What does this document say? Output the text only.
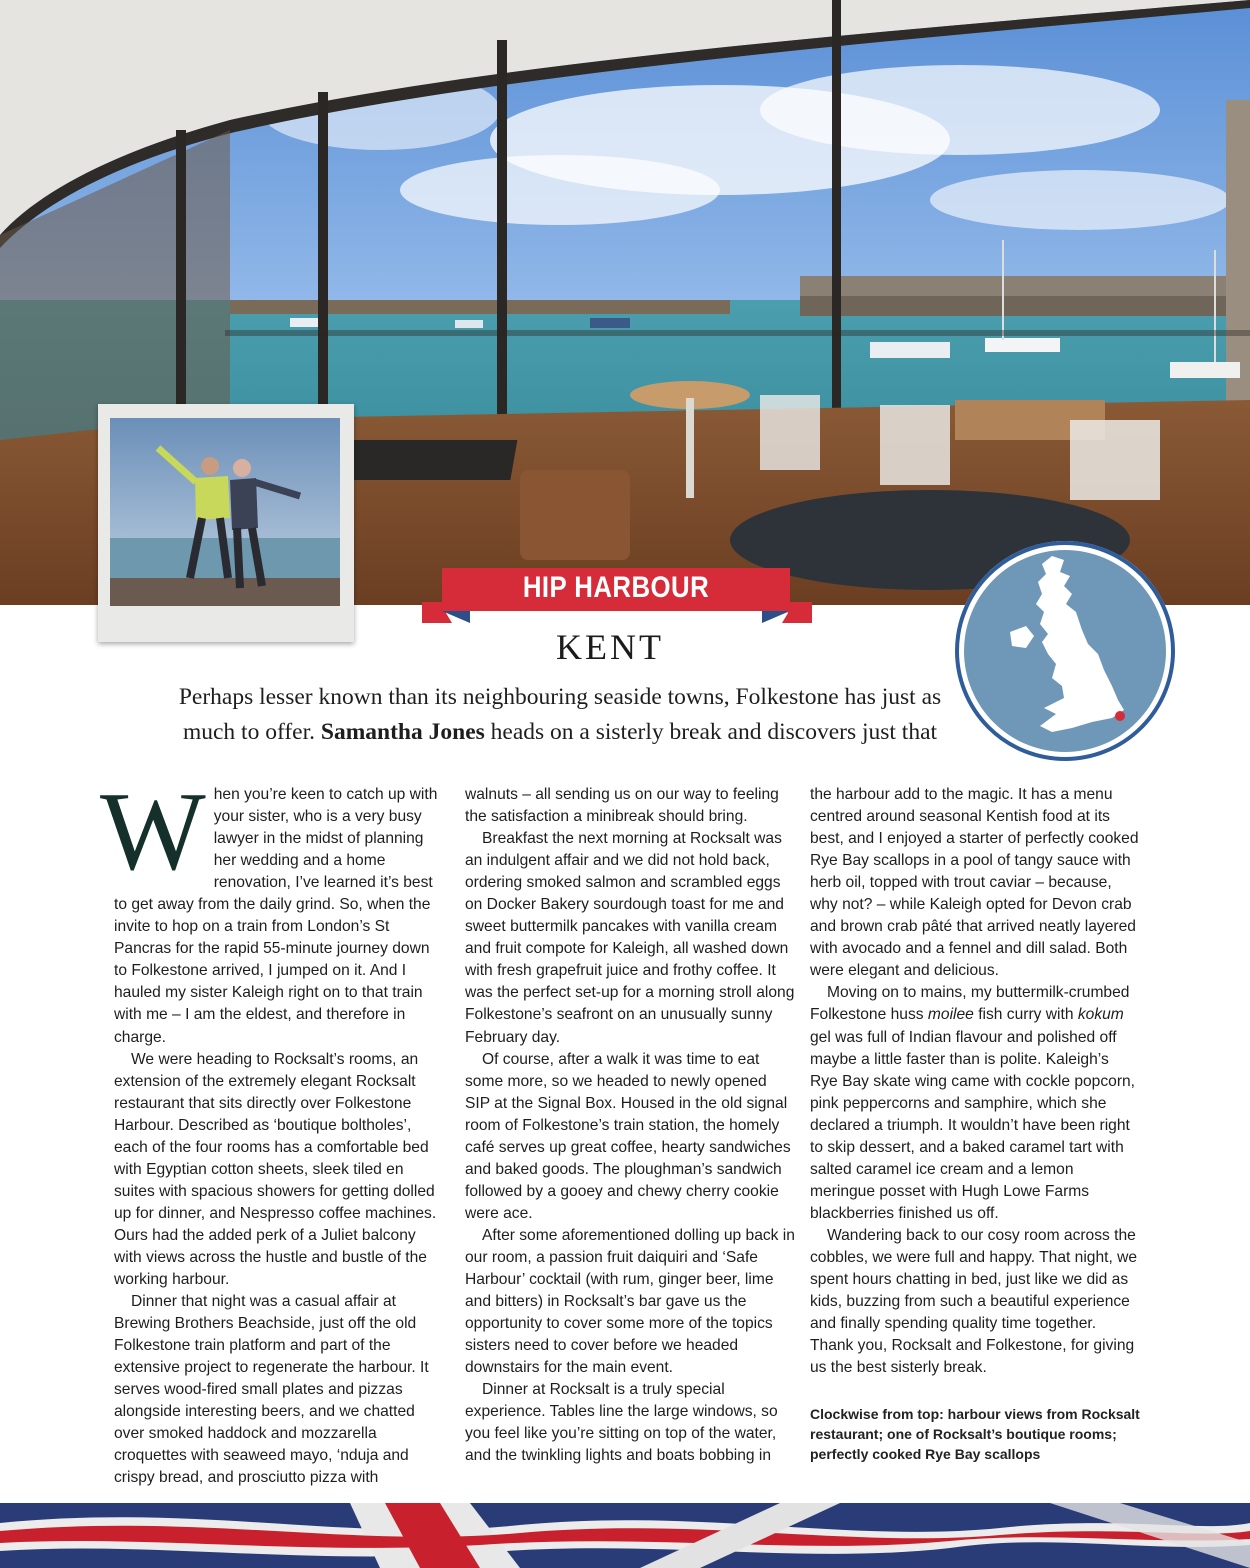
HIP HARBOUR
KENT
Perhaps lesser known than its neighbouring seaside towns, Folkestone has just as much to offer. Samantha Jones heads on a sisterly break and discovers just that

When you’re keen to catch up with your sister, who is a very busy lawyer in the midst of planning her wedding and a home renovation, I’ve learned it’s best to get away from the daily grind. So, when the invite to hop on a train from London’s St Pancras for the rapid 55-minute journey down to Folkestone arrived, I jumped on it. And I hauled my sister Kaleigh right on to that train with me – I am the eldest, and therefore in charge.

We were heading to Rocksalt’s rooms, an extension of the extremely elegant Rocksalt restaurant that sits directly over Folkestone Harbour. Described as ‘boutique boltholes’, each of the four rooms has a comfortable bed with Egyptian cotton sheets, sleek tiled en suites with spacious showers for getting dolled up for dinner, and Nespresso coffee machines. Ours had the added perk of a Juliet balcony with views across the hustle and bustle of the working harbour.

Dinner that night was a casual affair at Brewing Brothers Beachside, just off the old Folkestone train platform and part of the extensive project to regenerate the harbour. It serves wood-fired small plates and pizzas alongside interesting beers, and we chatted over smoked haddock and mozzarella croquettes with seaweed mayo, ‘nduja and crispy bread, and prosciutto pizza with

walnuts – all sending us on our way to feeling the satisfaction a minibreak should bring.

Breakfast the next morning at Rocksalt was an indulgent affair and we did not hold back, ordering smoked salmon and scrambled eggs on Docker Bakery sourdough toast for me and sweet buttermilk pancakes with vanilla cream and fruit compote for Kaleigh, all washed down with fresh grapefruit juice and frothy coffee. It was the perfect set-up for a morning stroll along Folkestone’s seafront on an unusually sunny February day.

Of course, after a walk it was time to eat some more, so we headed to newly opened SIP at the Signal Box. Housed in the old signal room of Folkestone’s train station, the homely café serves up great coffee, hearty sandwiches and baked goods. The ploughman’s sandwich followed by a gooey and chewy cherry cookie were ace.

After some aforementioned dolling up back in our room, a passion fruit daiquiri and ‘Safe Harbour’ cocktail (with rum, ginger beer, lime and bitters) in Rocksalt’s bar gave us the opportunity to cover some more of the topics sisters need to cover before we headed downstairs for the main event.

Dinner at Rocksalt is a truly special experience. Tables line the large windows, so you feel like you’re sitting on top of the water, and the twinkling lights and boats bobbing in

the harbour add to the magic. It has a menu centred around seasonal Kentish food at its best, and I enjoyed a starter of perfectly cooked Rye Bay scallops in a pool of tangy sauce with herb oil, topped with trout caviar – because, why not? – while Kaleigh opted for Devon crab and brown crab pâté that arrived neatly layered with avocado and a fennel and dill salad. Both were elegant and delicious.

Moving on to mains, my buttermilk-crumbed Folkestone huss moilee fish curry with kokum gel was full of Indian flavour and polished off maybe a little faster than is polite. Kaleigh’s Rye Bay skate wing came with cockle popcorn, pink peppercorns and samphire, which she declared a triumph. It wouldn’t have been right to skip dessert, and a baked caramel tart with salted caramel ice cream and a lemon meringue posset with Hugh Lowe Farms blackberries finished us off.

Wandering back to our cosy room across the cobbles, we were full and happy. That night, we spent hours chatting in bed, just like we did as kids, buzzing from such a beautiful experience and finally spending quality time together. Thank you, Rocksalt and Folkestone, for giving us the best sisterly break.

Clockwise from top: harbour views from Rocksalt restaurant; one of Rocksalt’s boutique rooms; perfectly cooked Rye Bay scallops
